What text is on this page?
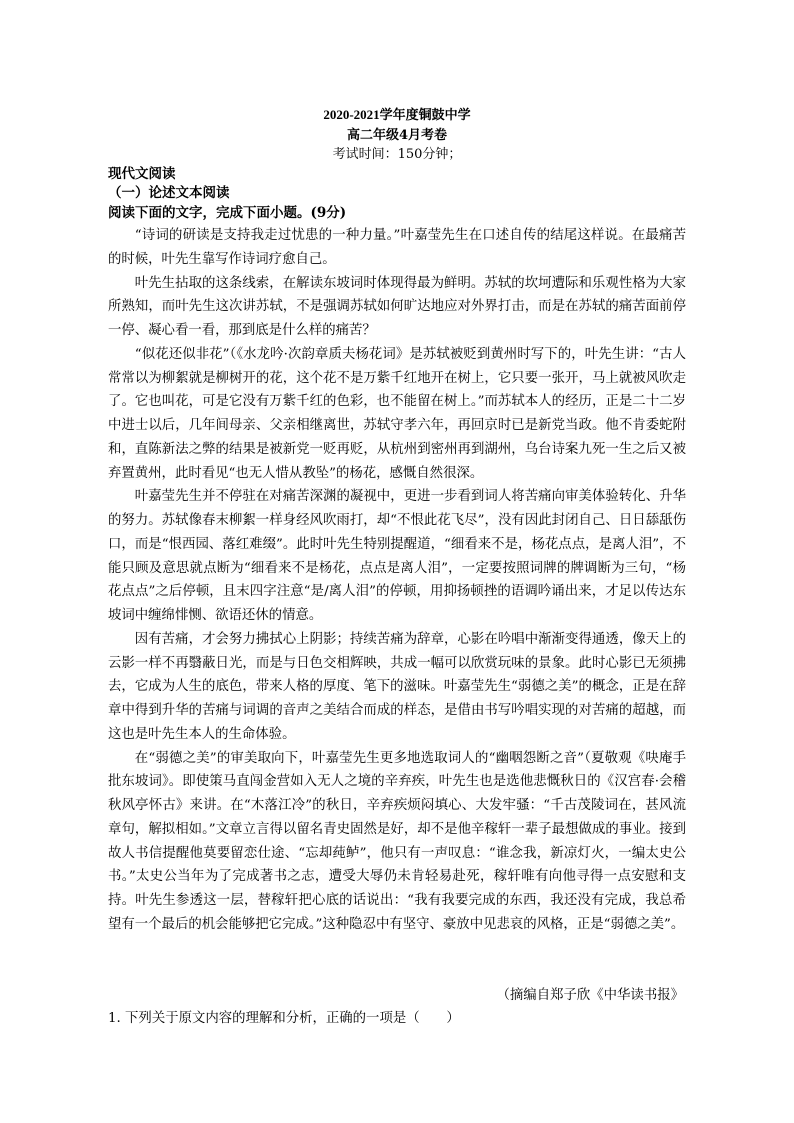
2020-2021学年度铜鼓中学
高二年级4月考卷
考试时间：150分钟；
现代文阅读
（一）论述文本阅读
阅读下面的文字，完成下面小题。(9分)

“诗词的研读是支持我走过忧患的一种力量。”叶嘉莹先生在口述自传的结尾这样说。在最痛苦的时候，叶先生靠写作诗词疗愈自己。

叶先生拈取的这条线索，在解读东坡词时体现得最为鲜明。苏轼的坎坷遭际和乐观性格为大家所熟知，而叶先生这次讲苏轼，不是强调苏轼如何旷达地应对外界打击，而是在苏轼的痛苦面前停一停、凝心看一看，那到底是什么样的痛苦？

“似花还似非花”（《水龙吟·次韵章质夫杨花词》是苏轼被贬到黄州时写下的，叶先生讲：“古人常常以为柳絮就是柳树开的花，这个花不是万紫千红地开在树上，它只要一张开，马上就被风吹走了。它也叫花，可是它没有万紫千红的色彩，也不能留在树上。”而苏轼本人的经历，正是二十二岁中进士以后，几年间母亲、父亲相继离世，苏轼守孝六年，再回京时已是新党当政。他不肯委蛇附和，直陈新法之弊的结果是被新党一贬再贬，从杭州到密州再到湖州，乌台诗案九死一生之后又被弃置黄州，此时看见“也无人惜从教坠”的杨花，感慨自然很深。

叶嘉莹先生并不停驻在对痛苦深渊的凝视中，更进一步看到词人将苦痛向审美体验转化、升华的努力。苏轼像春末柳絮一样身经风吹雨打，却“不恨此花飞尽”，没有因此封闭自己、日日舔舐伤口，而是“恨西园、落红难缀”。此时叶先生特别提醒道，“细看来不是，杨花点点，是离人泪”，不能只顾及意思就点断为“细看来不是杨花，点点是离人泪”，一定要按照词牌的牌调断为三句，“杨花点点”之后停顿，且末四字注意“是/离人泪”的停顿，用抑扬顿挫的语调吟诵出来，才足以传达东坡词中缠绵悱恻、欲语还休的情意。

因有苦痛，才会努力拂拭心上阴影；持续苦痛为辞章，心影在吟唱中渐渐变得通透，像天上的云影一样不再翳蔽日光，而是与日色交相辉映，共成一幅可以欣赏玩味的景象。此时心影已无须拂去，它成为人生的底色，带来人格的厚度、笔下的滋味。叶嘉莹先生“弱德之美”的概念，正是在辞章中得到升华的苦痛与词调的音声之美结合而成的样态，是借由书写吟唱实现的对苦痛的超越，而这也是叶先生本人的生命体验。

在“弱德之美”的审美取向下，叶嘉莹先生更多地选取词人的“幽咽怨断之音”（夏敬观《吷庵手批东坡词》。即使策马直闯金营如入无人之境的辛弃疾，叶先生也是选他悲慨秋日的《汉宫春·会稽秋风亭怀古》来讲。在“木落江冷”的秋日，辛弃疾烦闷填心、大发牢骚：“千古茂陵词在，甚风流章句，解拟相如。”文章立言得以留名青史固然是好，却不是他辛稼轩一辈子最想做成的事业。接到故人书信提醒他莫要留恋仕途、“忘却莼鲈”，他只有一声叹息：“谁念我，新凉灯火，一编太史公书。”太史公当年为了完成著书之志，遭受大辱仍未肯轻易赴死，稼轩唯有向他寻得一点安慰和支持。叶先生参透这一层，替稼轩把心底的话说出：“我有我要完成的东西，我还没有完成，我总希望有一个最后的机会能够把它完成。”这种隐忍中有坚守、豪放中见悲哀的风格，正是“弱德之美”。

（摘编自郑子欣《中华读书报》
1. 下列关于原文内容的理解和分析，正确的一项是（　　）
